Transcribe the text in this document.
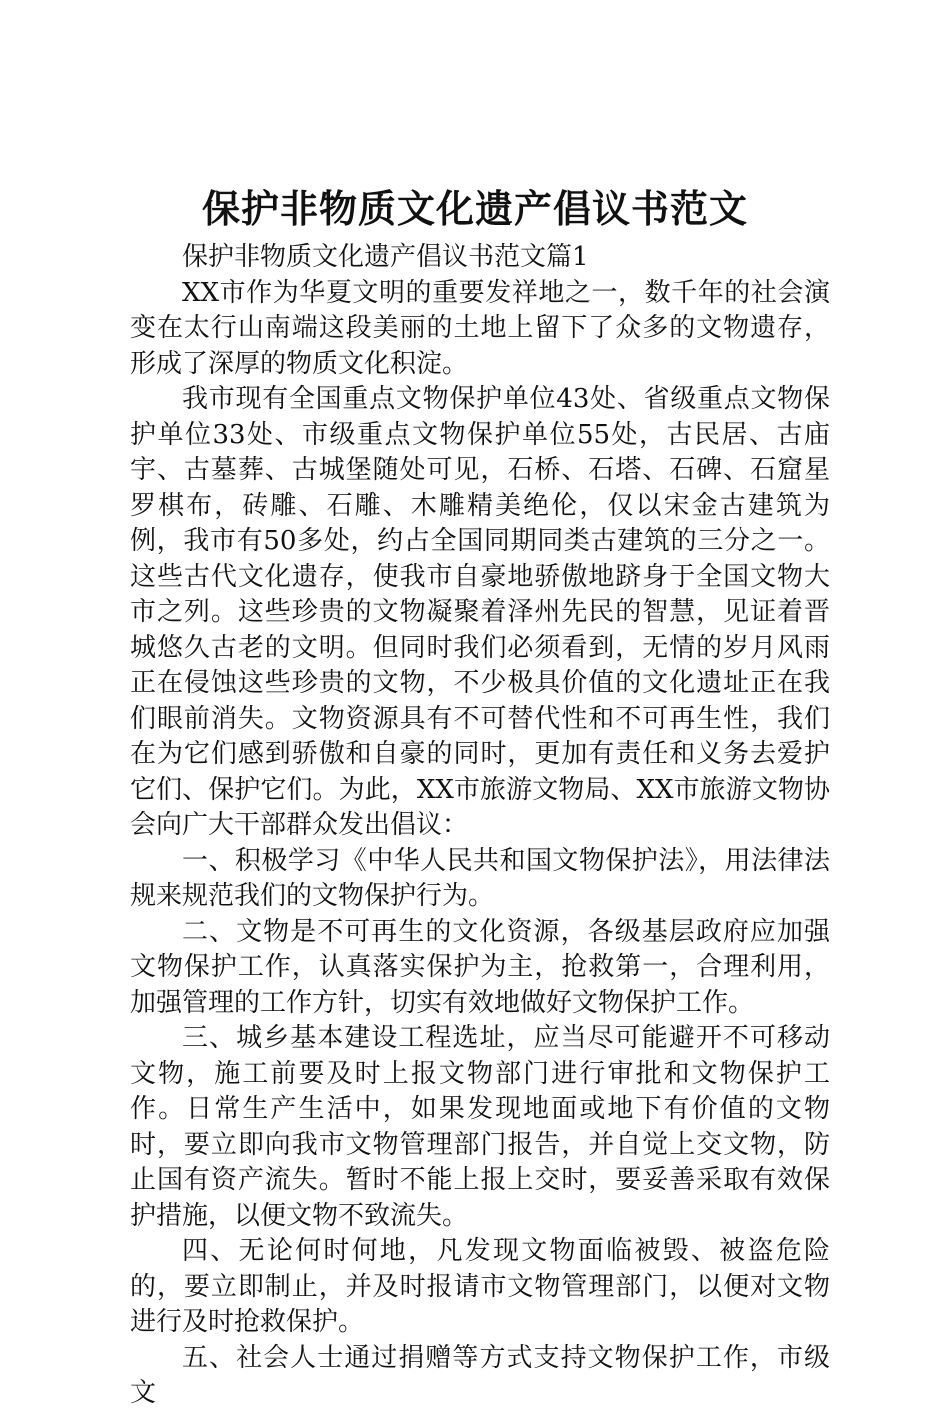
保护非物质文化遗产倡议书范文

保护非物质文化遗产倡议书范文篇1

XX市作为华夏文明的重要发祥地之一，数千年的社会演变在太行山南端这段美丽的土地上留下了众多的文物遗存，形成了深厚的物质文化积淀。

我市现有全国重点文物保护单位43处、省级重点文物保护单位33处、市级重点文物保护单位55处，古民居、古庙宇、古墓葬、古城堡随处可见，石桥、石塔、石碑、石窟星罗棋布，砖雕、石雕、木雕精美绝伦，仅以宋金古建筑为例，我市有50多处，约占全国同期同类古建筑的三分之一。这些古代文化遗存，使我市自豪地骄傲地跻身于全国文物大市之列。这些珍贵的文物凝聚着泽州先民的智慧，见证着晋城悠久古老的文明。但同时我们必须看到，无情的岁月风雨正在侵蚀这些珍贵的文物，不少极具价值的文化遗址正在我们眼前消失。文物资源具有不可替代性和不可再生性，我们在为它们感到骄傲和自豪的同时，更加有责任和义务去爱护它们、保护它们。为此，XX市旅游文物局、XX市旅游文物协会向广大干部群众发出倡议：

一、积极学习《中华人民共和国文物保护法》，用法律法规来规范我们的文物保护行为。

二、文物是不可再生的文化资源，各级基层政府应加强文物保护工作，认真落实保护为主，抢救第一，合理利用，加强管理的工作方针，切实有效地做好文物保护工作。

三、城乡基本建设工程选址，应当尽可能避开不可移动文物，施工前要及时上报文物部门进行审批和文物保护工作。日常生产生活中，如果发现地面或地下有价值的文物时，要立即向我市文物管理部门报告，并自觉上交文物，防止国有资产流失。暂时不能上报上交时，要妥善采取有效保护措施，以便文物不致流失。

四、无论何时何地，凡发现文物面临被毁、被盗危险的，要立即制止，并及时报请市文物管理部门，以便对文物进行及时抢救保护。

五、社会人士通过捐赠等方式支持文物保护工作，市级文
